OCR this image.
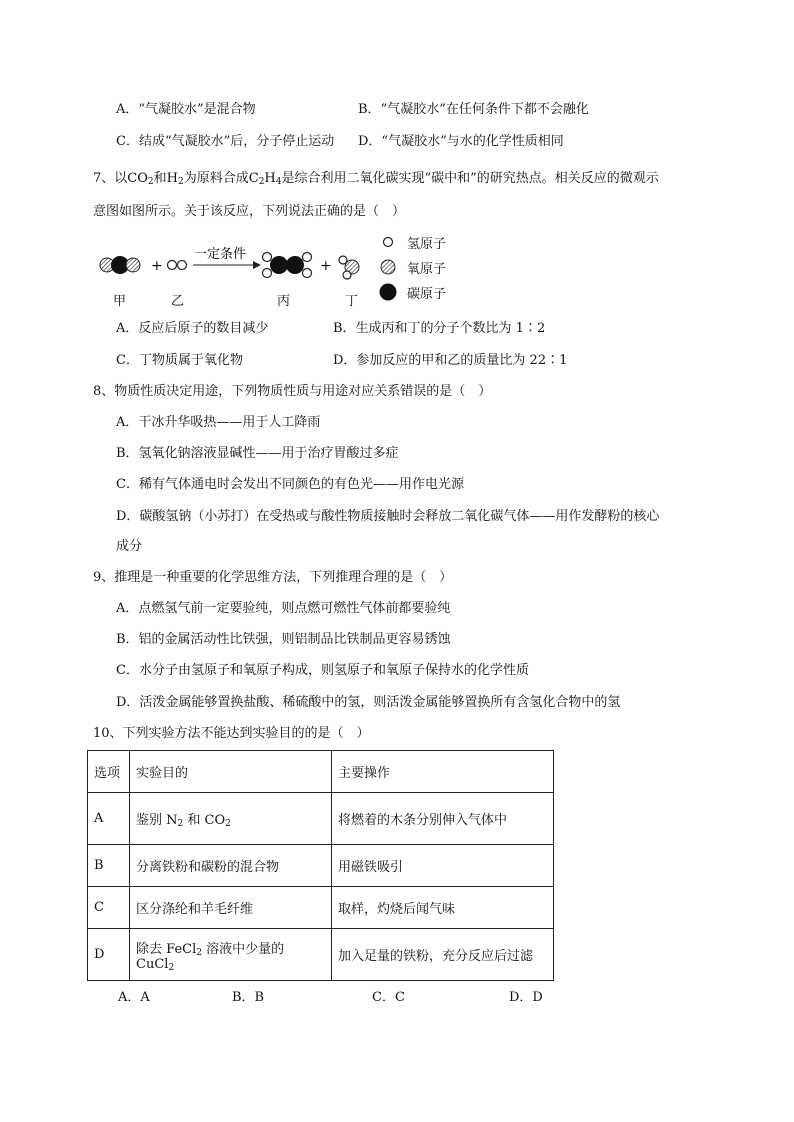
A．“气凝胶水”是混合物	B．“气凝胶水”在任何条件下都不会融化
C．结成“气凝胶水”后，分子停止运动 D．“气凝胶水”与水的化学性质相同
7、以$CO_2$和$H_2$为原料合成$C_2H_4$是综合利用二氧化碳实现“碳中和”的研究热点。相关反应的微观示
意图如图所示。关于该反应，下列说法正确的是（　）
+
一定条件
+
甲	乙	丙	丁
氢原子
氧原子
碳原子
A．反应后原子的数目减少	B．生成丙和丁的分子个数比为 1∶2
C．丁物质属于氧化物	D．参加反应的甲和乙的质量比为 22∶1
8、物质性质决定用途，下列物质性质与用途对应关系错误的是（　）
A．干冰升华吸热——用于人工降雨
B．氢氧化钠溶液显碱性——用于治疗胃酸过多症
C．稀有气体通电时会发出不同颜色的有色光——用作电光源
D．碳酸氢钠（小苏打）在受热或与酸性物质接触时会释放二氧化碳气体——用作发酵粉的核心
成分
9、推理是一种重要的化学思维方法，下列推理合理的是（　）
A．点燃氢气前一定要验纯，则点燃可燃性气体前都要验纯
B．铝的金属活动性比铁强，则铝制品比铁制品更容易锈蚀
C．水分子由氢原子和氧原子构成，则氢原子和氧原子保持水的化学性质
D．活泼金属能够置换盐酸、稀硫酸中的氢，则活泼金属能够置换所有含氢化合物中的氢
10、下列实验方法不能达到实验目的的是（　）
选项	实验目的	主要操作
A	鉴别 $N_2$ 和 $CO_2$	将燃着的木条分别伸入气体中
B	分离铁粉和碳粉的混合物	用磁铁吸引
C	区分涤纶和羊毛纤维	取样，灼烧后闻气味
D	除去 FeCl$_2$ 溶液中少量的 CuCl$_2$	加入足量的铁粉，充分反应后过滤
A．A	B．B	C．C	D．D
